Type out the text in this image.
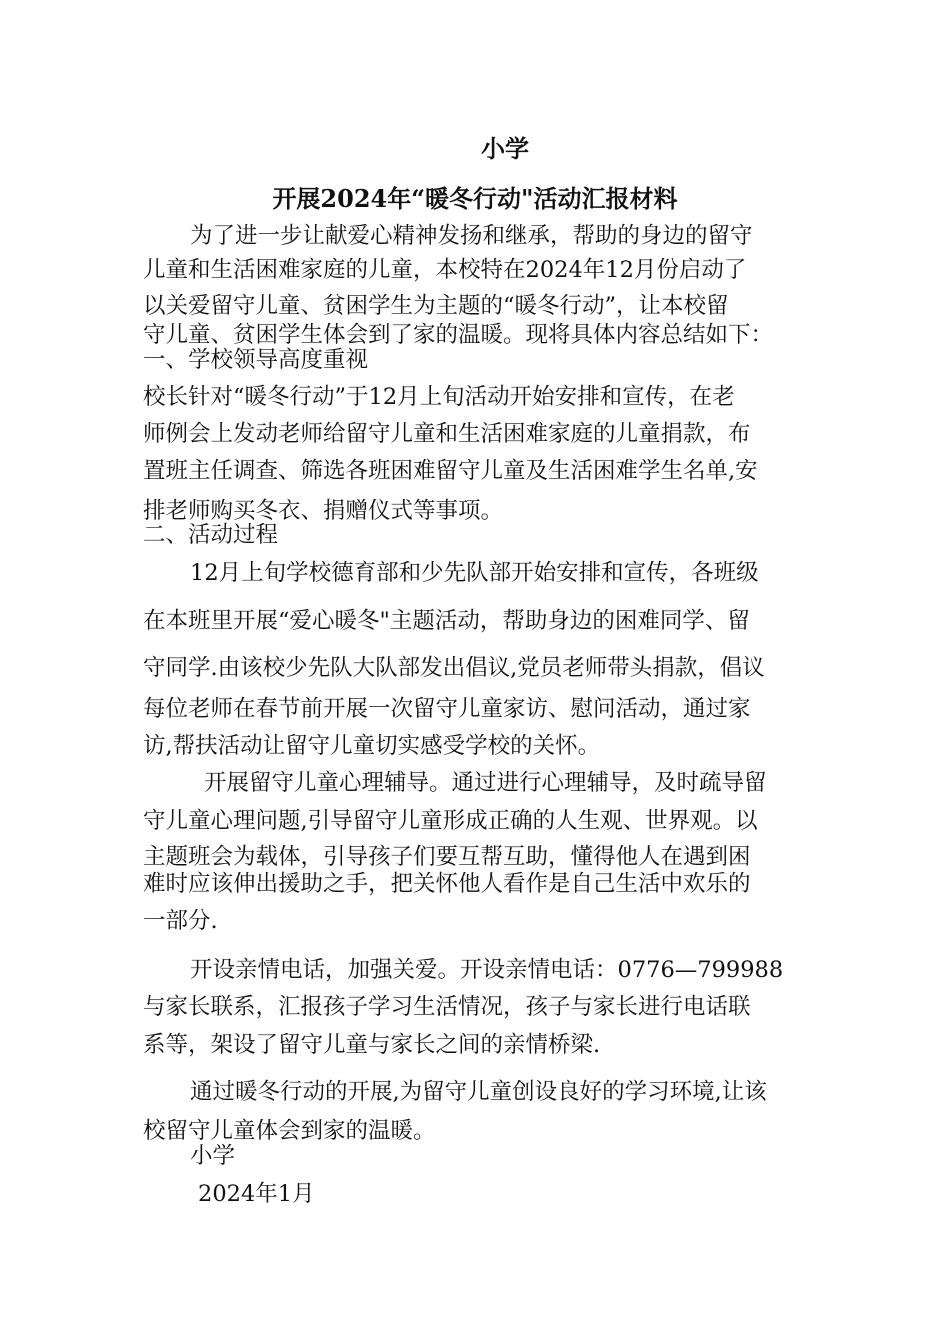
小学
开展2024年“暖冬行动"活动汇报材料
为了进一步让献爱心精神发扬和继承，帮助的身边的留守
儿童和生活困难家庭的儿童，本校特在2024年12月份启动了
以关爱留守儿童、贫困学生为主题的“暖冬行动”，让本校留
守儿童、贫困学生体会到了家的温暖。现将具体内容总结如下：
一、学校领导高度重视
校长针对“暖冬行动”于12月上旬活动开始安排和宣传，在老
师例会上发动老师给留守儿童和生活困难家庭的儿童捐款，布
置班主任调查、筛选各班困难留守儿童及生活困难学生名单,安
排老师购买冬衣、捐赠仪式等事项。
二、活动过程
12月上旬学校德育部和少先队部开始安排和宣传，各班级
在本班里开展“爱心暖冬"主题活动，帮助身边的困难同学、留
守同学.由该校少先队大队部发出倡议,党员老师带头捐款，倡议
每位老师在春节前开展一次留守儿童家访、慰问活动，通过家
访,帮扶活动让留守儿童切实感受学校的关怀。
开展留守儿童心理辅导。通过进行心理辅导，及时疏导留
守儿童心理问题,引导留守儿童形成正确的人生观、世界观。以
主题班会为载体，引导孩子们要互帮互助，懂得他人在遇到困
难时应该伸出援助之手，把关怀他人看作是自己生活中欢乐的
一部分.
开设亲情电话，加强关爱。开设亲情电话：0776—799988
与家长联系，汇报孩子学习生活情况，孩子与家长进行电话联
系等，架设了留守儿童与家长之间的亲情桥梁.
通过暖冬行动的开展,为留守儿童创设良好的学习环境,让该
校留守儿童体会到家的温暖。
小学
2024年1月
